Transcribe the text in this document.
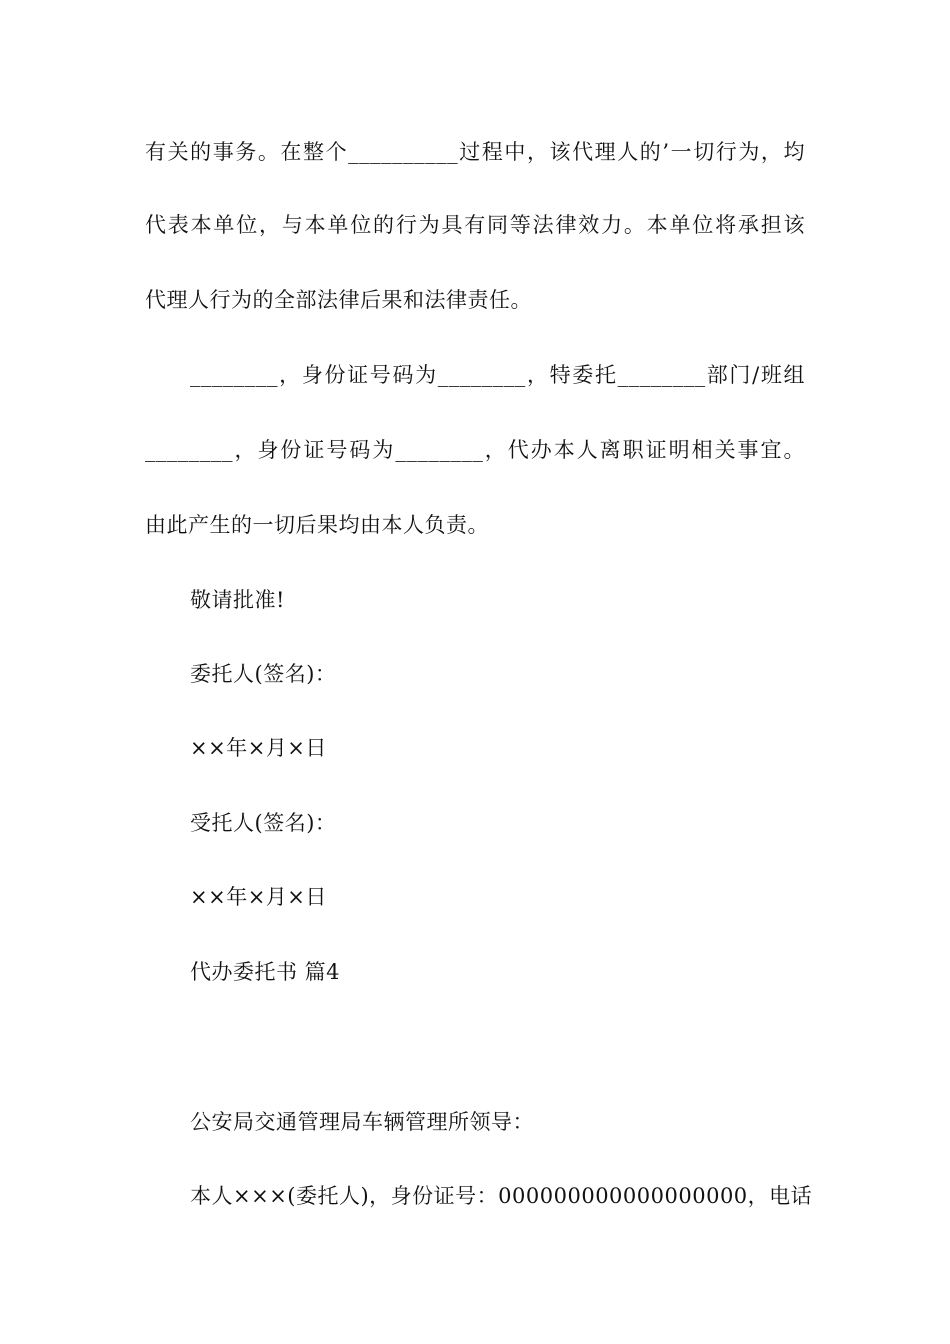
有关的事务。在整个__________过程中，该代理人的’一切行为，均
代表本单位，与本单位的行为具有同等法律效力。本单位将承担该
代理人行为的全部法律后果和法律责任。
________，身份证号码为________，特委托________部门/班组
________，身份证号码为________，代办本人离职证明相关事宜。
由此产生的一切后果均由本人负责。
敬请批准!
委托人(签名)：
××年×月×日
受托人(签名)：
××年×月×日
代办委托书 篇4
公安局交通管理局车辆管理所领导：
本人×××(委托人)，身份证号：000000000000000000，电话
